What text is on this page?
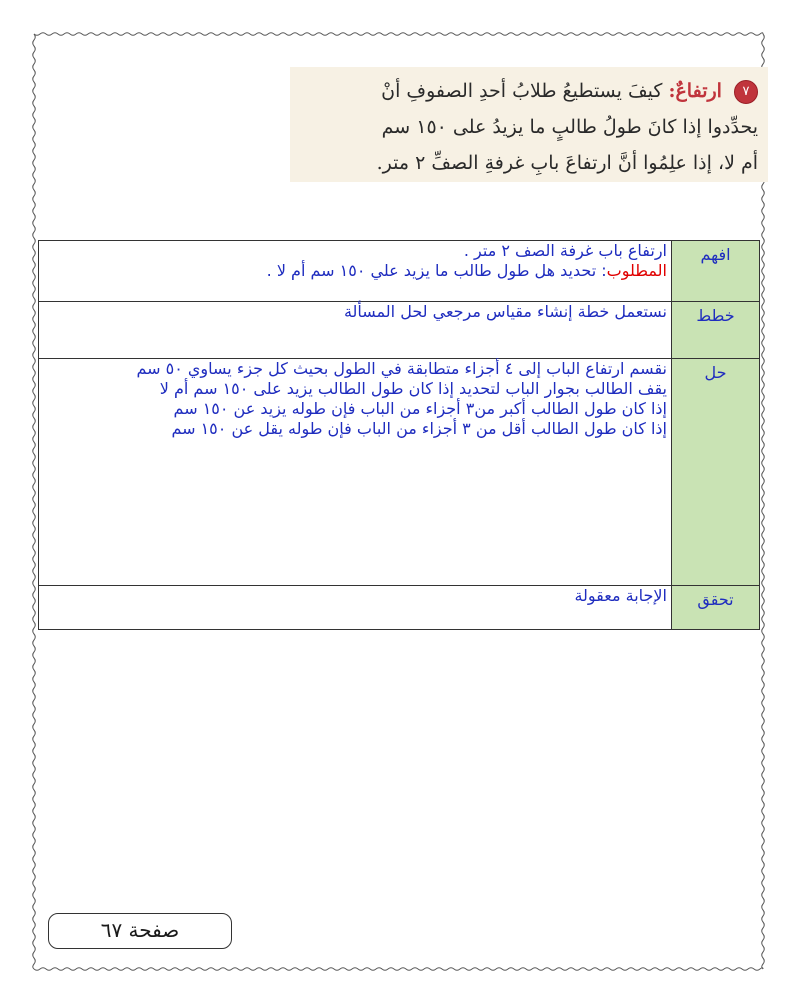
٧ ارتفاعٌ: كيفَ يستطيعُ طلابُ أحدِ الصفوفِ أنْ
يحدِّدوا إذا كانَ طولُ طالبٍ ما يزيدُ على ١٥٠ سم
أم لا، إذا علِمُوا أنَّ ارتفاعَ بابِ غرفةِ الصفِّ ٢ متر.
افهم	ارتفاع باب غرفة الصف ٢ متر .
المطلوب: تحديد هل طول طالب ما يزيد علي ١٥٠ سم أم لا .

خطط	نستعمل خطة إنشاء مقياس مرجعي لحل المسألة

حل	نقسم ارتفاع الباب إلى ٤ أجزاء متطابقة في الطول بحيث كل جزء يساوي ٥٠ سم
يقف الطالب بجوار الباب لتحديد إذا كان طول الطالب يزيد على ١٥٠ سم أم لا
إذا كان طول الطالب أكبر من٣ أجزاء من الباب فإن طوله يزيد عن ١٥٠ سم
إذا كان طول الطالب أقل من ٣ أجزاء من الباب فإن طوله يقل عن ١٥٠ سم

تحقق	الإجابة معقولة
صفحة ٦٧
